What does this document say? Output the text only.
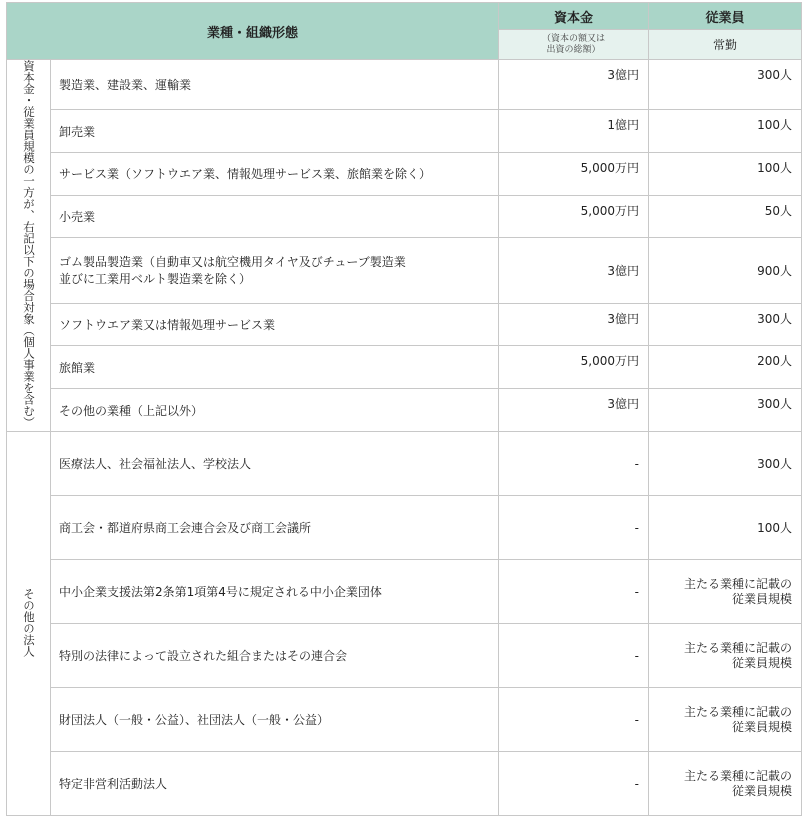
業種・組織形態		資本金	従業員

		（資本の額又は
出資の総額）	常勤
資本金・従業員規模の一方が、右記以下の場合対象（個人事業を含む）	製造業、建設業、運輸業	3億円	300人
	卸売業	1億円	100人
	サービス業（ソフトウエア業、情報処理サービス業、旅館業を除く）	5,000万円	100人
	小売業	5,000万円	50人
	ゴム製品製造業（自動車又は航空機用タイヤ及びチューブ製造業
並びに工業用ベルト製造業を除く）	3億円	900人
	ソフトウエア業又は情報処理サービス業	3億円	300人
	旅館業	5,000万円	200人
	その他の業種（上記以外）	3億円	300人
その他の法人	医療法人、社会福祉法人、学校法人	-	300人
	商工会・都道府県商工会連合会及び商工会議所	-	100人
	中小企業支援法第2条第1項第4号に規定される中小企業団体	-	主たる業種に記載の
従業員規模
	特別の法律によって設立された組合またはその連合会	-	主たる業種に記載の
従業員規模
	財団法人（一般・公益）、社団法人（一般・公益）	-	主たる業種に記載の
従業員規模
	特定非営利活動法人	-	主たる業種に記載の
従業員規模
